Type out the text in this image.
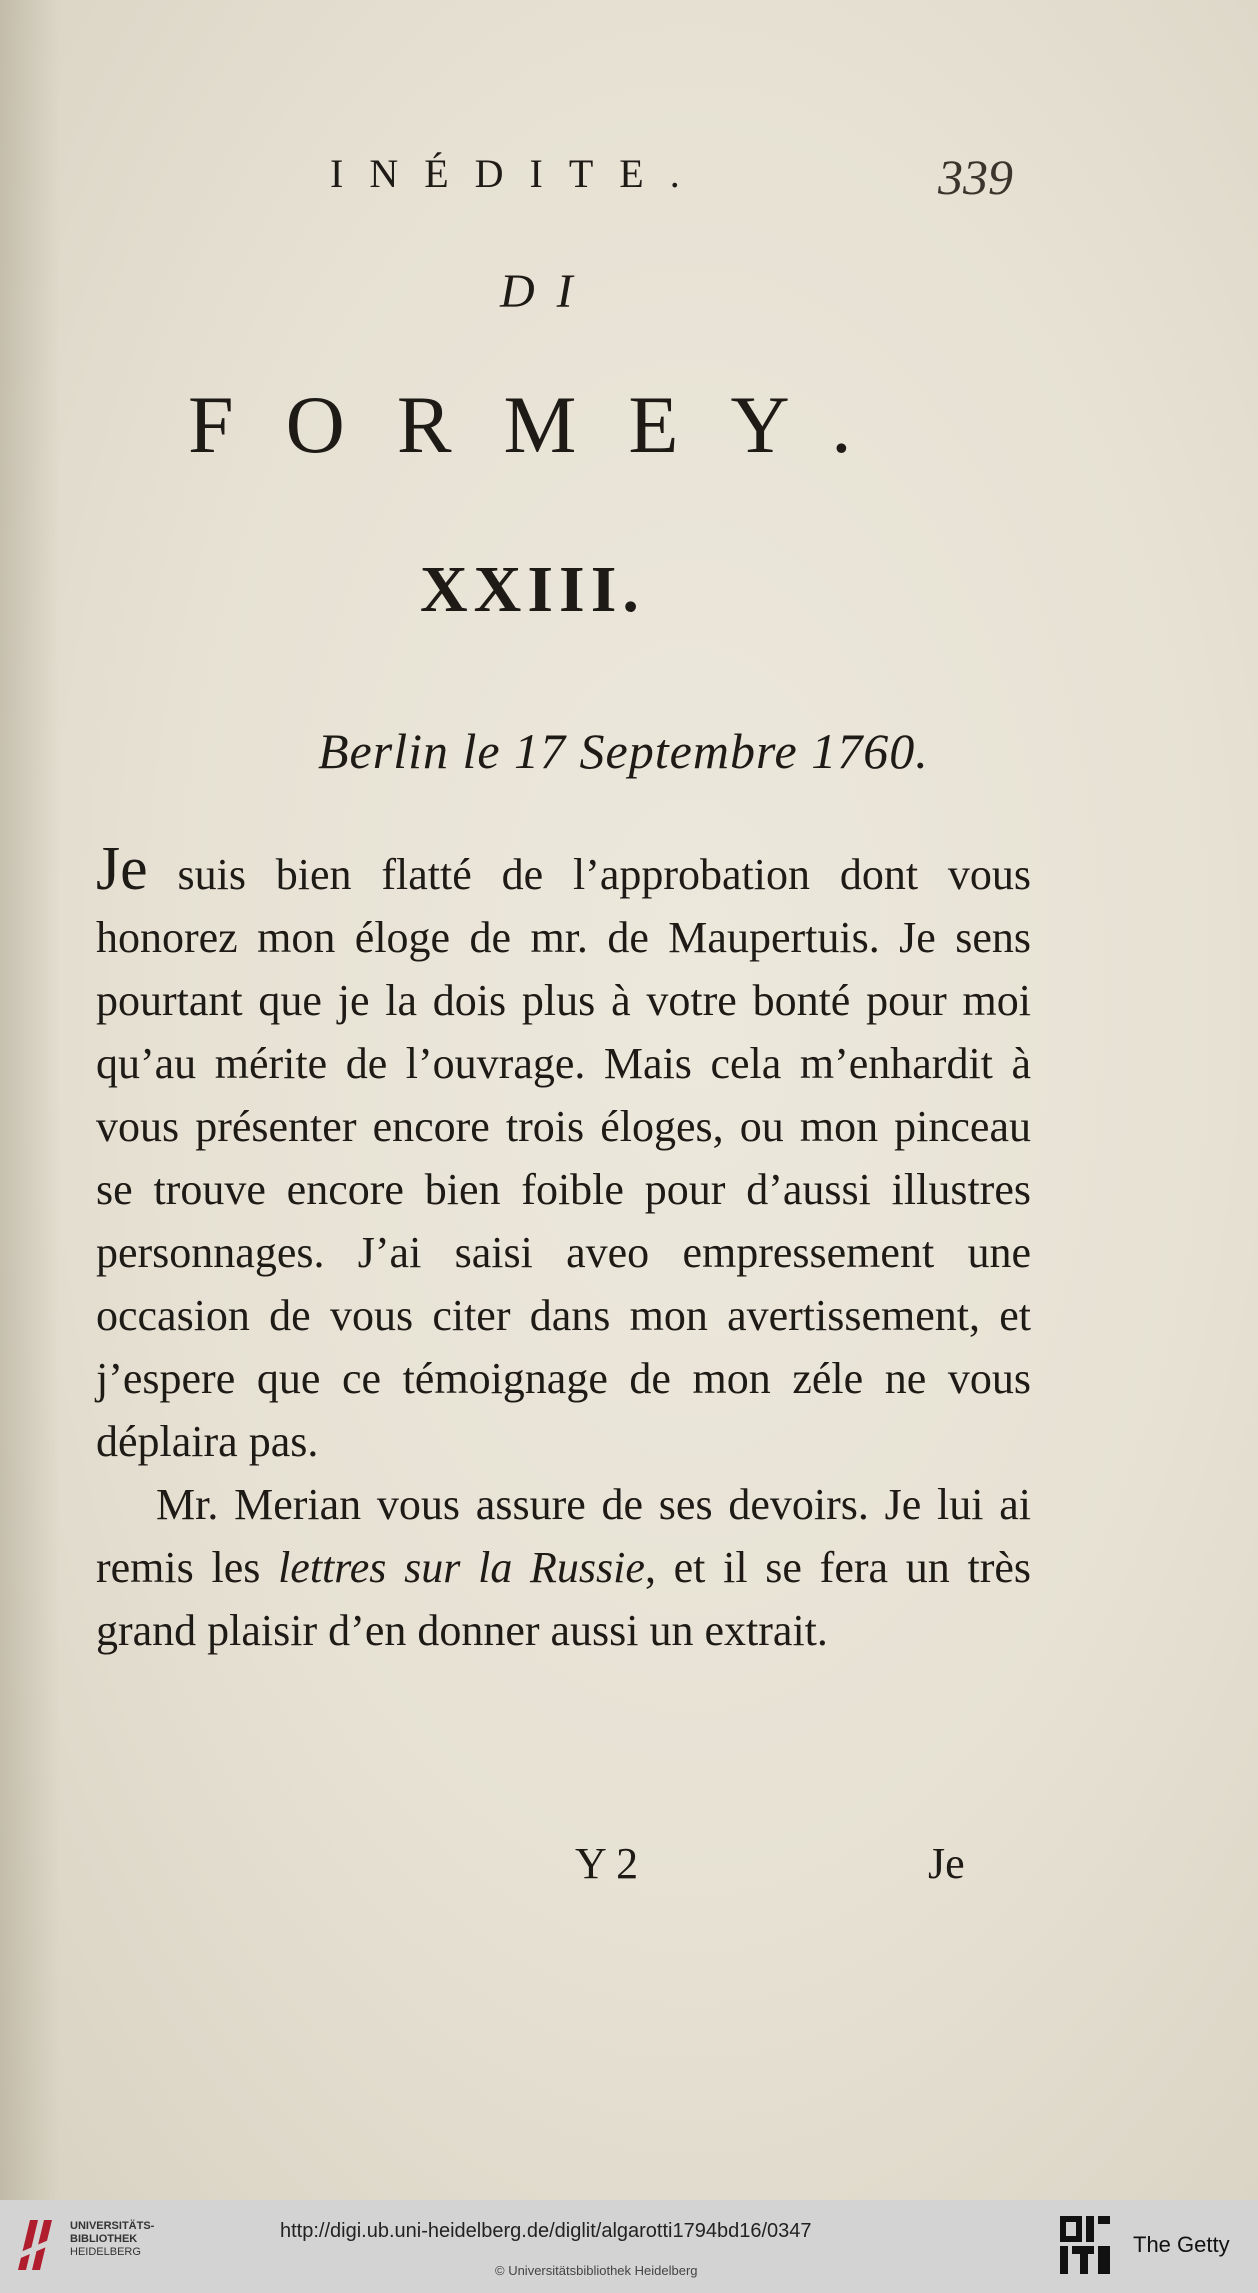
INÉDITE.	339
DI
FORMEY.
XXIII.
Berlin le 17 Septembre 1760.

Je suis bien flatté de l’approbation dont vous honorez mon éloge de mr. de Maupertuis. Je sens pourtant que je la dois plus à votre bonté pour moi qu’au mérite de l’ouvrage. Mais cela m’enhardit à vous présenter encore trois éloges, ou mon pinceau se trouve encore bien foible pour d’aussi illustres personnages. J’ai saisi aveo empressement une occasion de vous citer dans mon avertissement, et j’espere que ce témoignage de mon zéle ne vous déplaira pas.

Mr. Merian vous assure de ses devoirs. Je lui ai remis les lettres sur la Russie, et il se fera un très grand plaisir d’en donner aussi un extrait.

Y 2	Je
UNIVERSITÄTS-
BIBLIOTHEK
HEIDELBERG
http://digi.ub.uni-heidelberg.de/diglit/algarotti1794bd16/0347
© Universitätsbibliothek Heidelberg
The Getty
